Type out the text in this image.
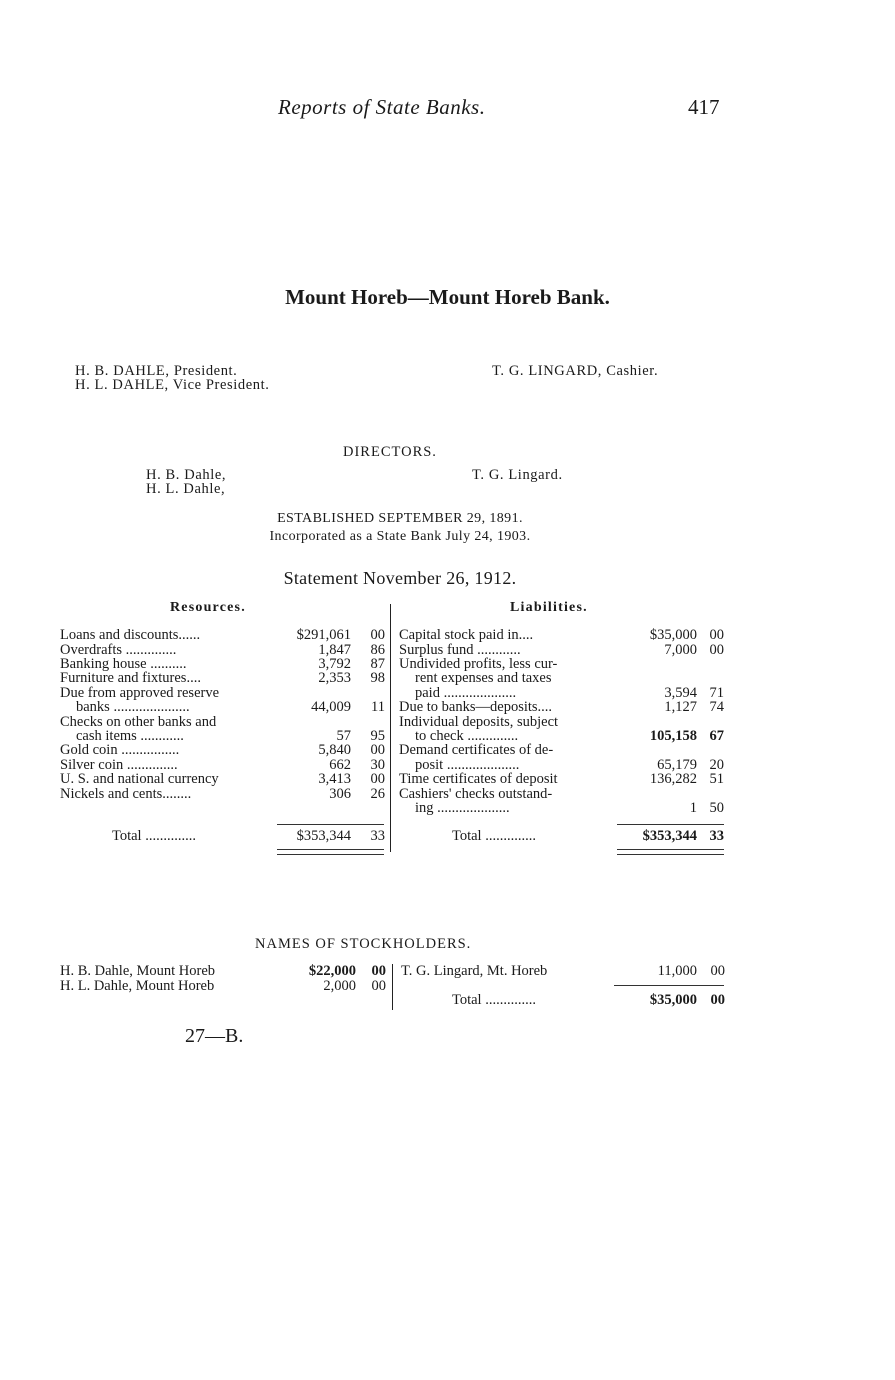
Reports of State Banks.	417
Mount Horeb—Mount Horeb Bank.
H. B. DAHLE, President.
H. L. DAHLE, Vice President.
T. G. LINGARD, Cashier.
DIRECTORS.
H. B. Dahle,
H. L. Dahle,
T. G. Lingard.
ESTABLISHED SEPTEMBER 29, 1891.
Incorporated as a State Bank July 24, 1903.
Statement November 26, 1912.
Resources.	Liabilities.
Loans and discounts......	$291,061	00
Overdrafts ..............	1,847	86
Banking house ..........	3,792	87
Furniture and fixtures....	2,353	98
Due from approved reserve
banks .....................	44,009	11
Checks on other banks and
cash items ............	57	95
Gold coin ................	5,840	00
Silver coin ..............	662	30
U. S. and national currency	3,413	00
Nickels and cents........	306	26
Total ..............	$353,344	33
Capital stock paid in....	$35,000 00
Surplus fund ............	7,000 00
Undivided profits, less cur-
rent expenses and taxes
paid ....................	3,594 71
Due to banks—deposits....	1,127 74
Individual deposits, subject
to check ..............	105,158 67
Demand certificates of de-
posit ....................	65,179 20
Time certificates of deposit	136,282 51
Cashiers' checks outstand-
ing ....................	1 50
Total ..............	$353,344 33
NAMES OF STOCKHOLDERS.
H. B. Dahle, Mount Horeb	$22,000	00
H. L. Dahle, Mount Horeb	2,000	00
T. G. Lingard, Mt. Horeb	11,000 00
Total ..............	$35,000 00
27—B.
